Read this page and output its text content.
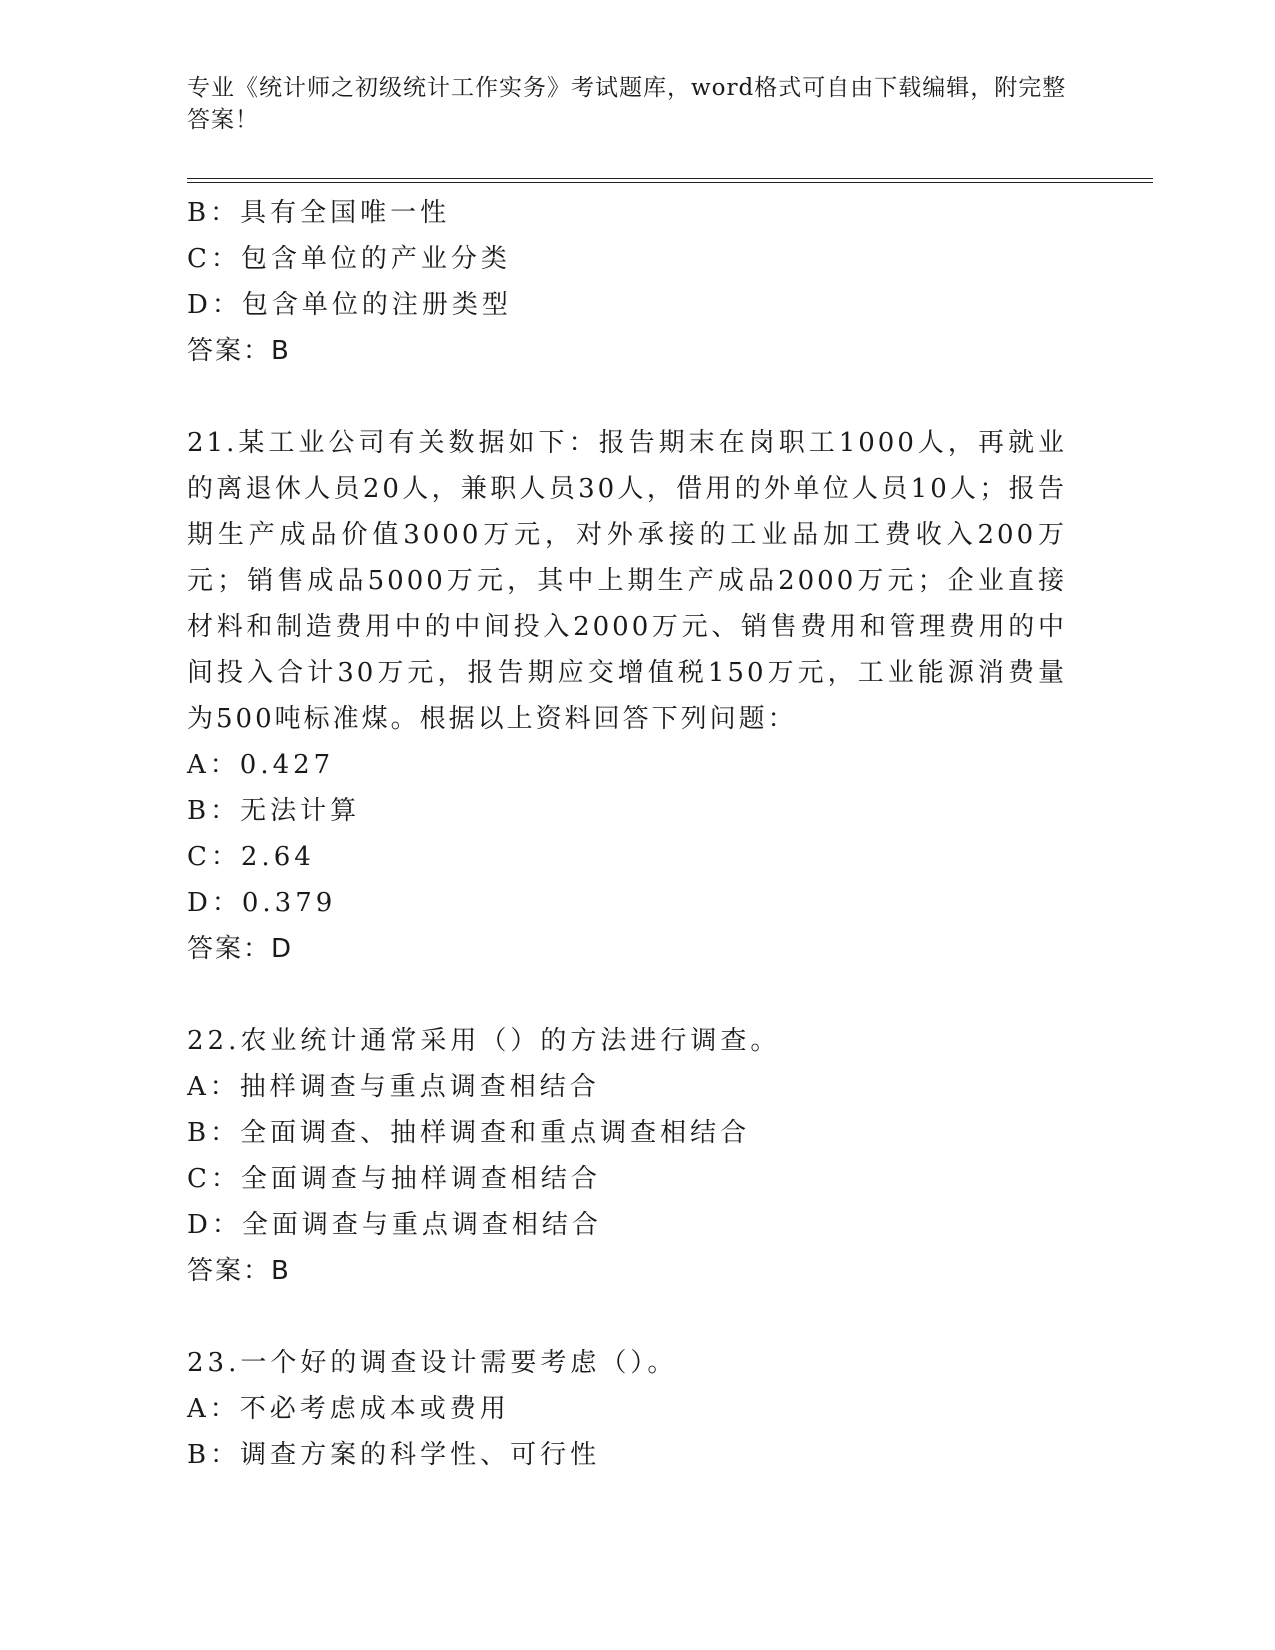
专业《统计师之初级统计工作实务》考试题库，word格式可自由下载编辑，附完整答案！
B：具有全国唯一性
C：包含单位的产业分类
D：包含单位的注册类型
答案：B
21.某工业公司有关数据如下：报告期末在岗职工1000人，再就业的离退休人员20人，兼职人员30人，借用的外单位人员10人；报告期生产成品价值3000万元，对外承接的工业品加工费收入200万元；销售成品5000万元，其中上期生产成品2000万元；企业直接材料和制造费用中的中间投入2000万元、销售费用和管理费用的中间投入合计30万元，报告期应交增值税150万元，工业能源消费量为500吨标准煤。根据以上资料回答下列问题：
A：0.427
B：无法计算
C：2.64
D：0.379
答案：D
22.农业统计通常采用（）的方法进行调查。
A：抽样调查与重点调查相结合
B：全面调查、抽样调查和重点调查相结合
C：全面调查与抽样调查相结合
D：全面调查与重点调查相结合
答案：B
23.一个好的调查设计需要考虑（）。
A：不必考虑成本或费用
B：调查方案的科学性、可行性
